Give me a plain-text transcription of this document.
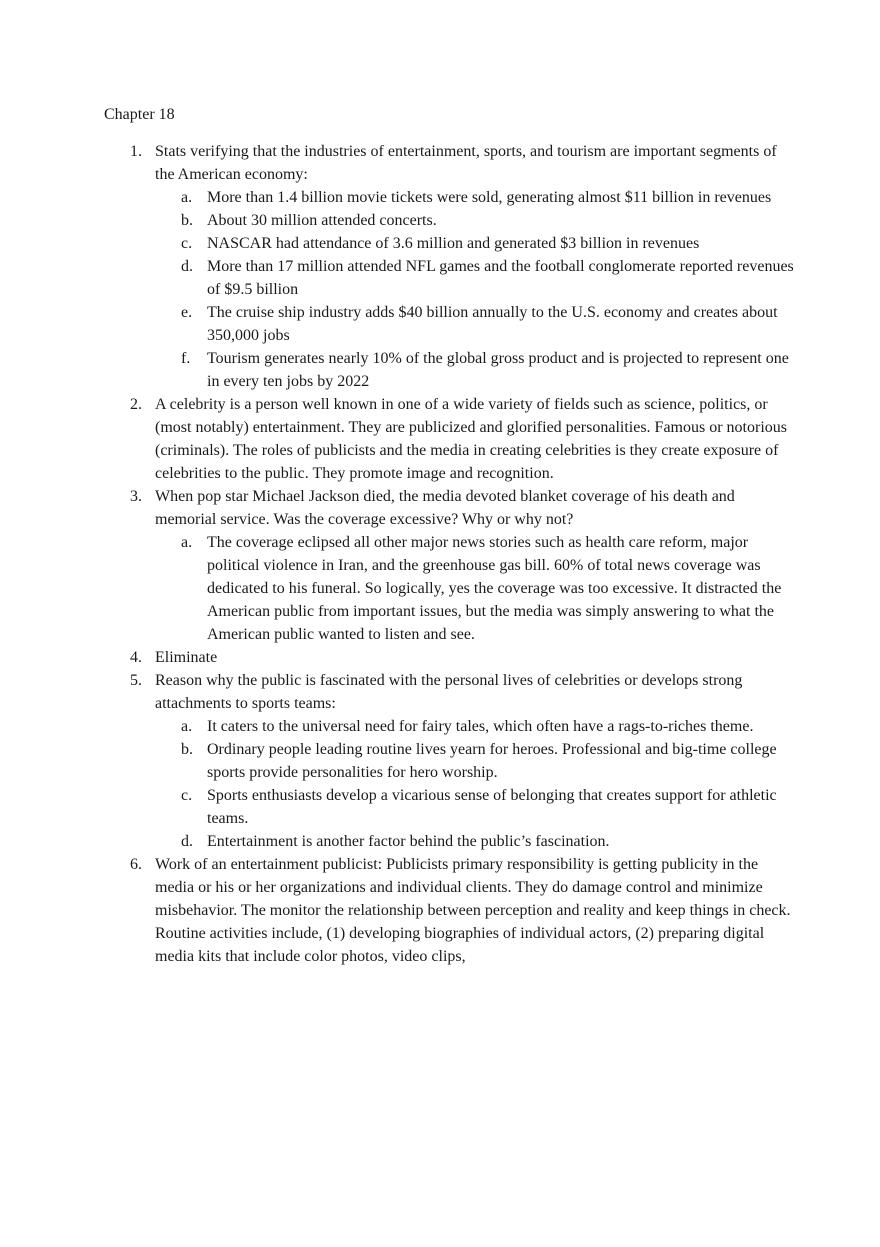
Chapter 18

1. Stats verifying that the industries of entertainment, sports, and tourism are important segments of the American economy:

a. More than 1.4 billion movie tickets were sold, generating almost $11 billion in revenues

b. About 30 million attended concerts.

c. NASCAR had attendance of 3.6 million and generated $3 billion in revenues

d. More than 17 million attended NFL games and the football conglomerate reported revenues of $9.5 billion

e. The cruise ship industry adds $40 billion annually to the U.S. economy and creates about 350,000 jobs

f. Tourism generates nearly 10% of the global gross product and is projected to represent one in every ten jobs by 2022

2. A celebrity is a person well known in one of a wide variety of fields such as science, politics, or (most notably) entertainment. They are publicized and glorified personalities. Famous or notorious (criminals). The roles of publicists and the media in creating celebrities is they create exposure of celebrities to the public. They promote image and recognition.

3. When pop star Michael Jackson died, the media devoted blanket coverage of his death and memorial service. Was the coverage excessive? Why or why not?

a. The coverage eclipsed all other major news stories such as health care reform, major political violence in Iran, and the greenhouse gas bill. 60% of total news coverage was dedicated to his funeral. So logically, yes the coverage was too excessive. It distracted the American public from important issues, but the media was simply answering to what the American public wanted to listen and see.

4. Eliminate

5. Reason why the public is fascinated with the personal lives of celebrities or develops strong attachments to sports teams:

a. It caters to the universal need for fairy tales, which often have a rags-to-riches theme.

b. Ordinary people leading routine lives yearn for heroes. Professional and big-time college sports provide personalities for hero worship.

c. Sports enthusiasts develop a vicarious sense of belonging that creates support for athletic teams.

d. Entertainment is another factor behind the public’s fascination.

6. Work of an entertainment publicist: Publicists primary responsibility is getting publicity in the media or his or her organizations and individual clients. They do damage control and minimize misbehavior. The monitor the relationship between perception and reality and keep things in check. Routine activities include, (1) developing biographies of individual actors, (2) preparing digital media kits that include color photos, video clips,
